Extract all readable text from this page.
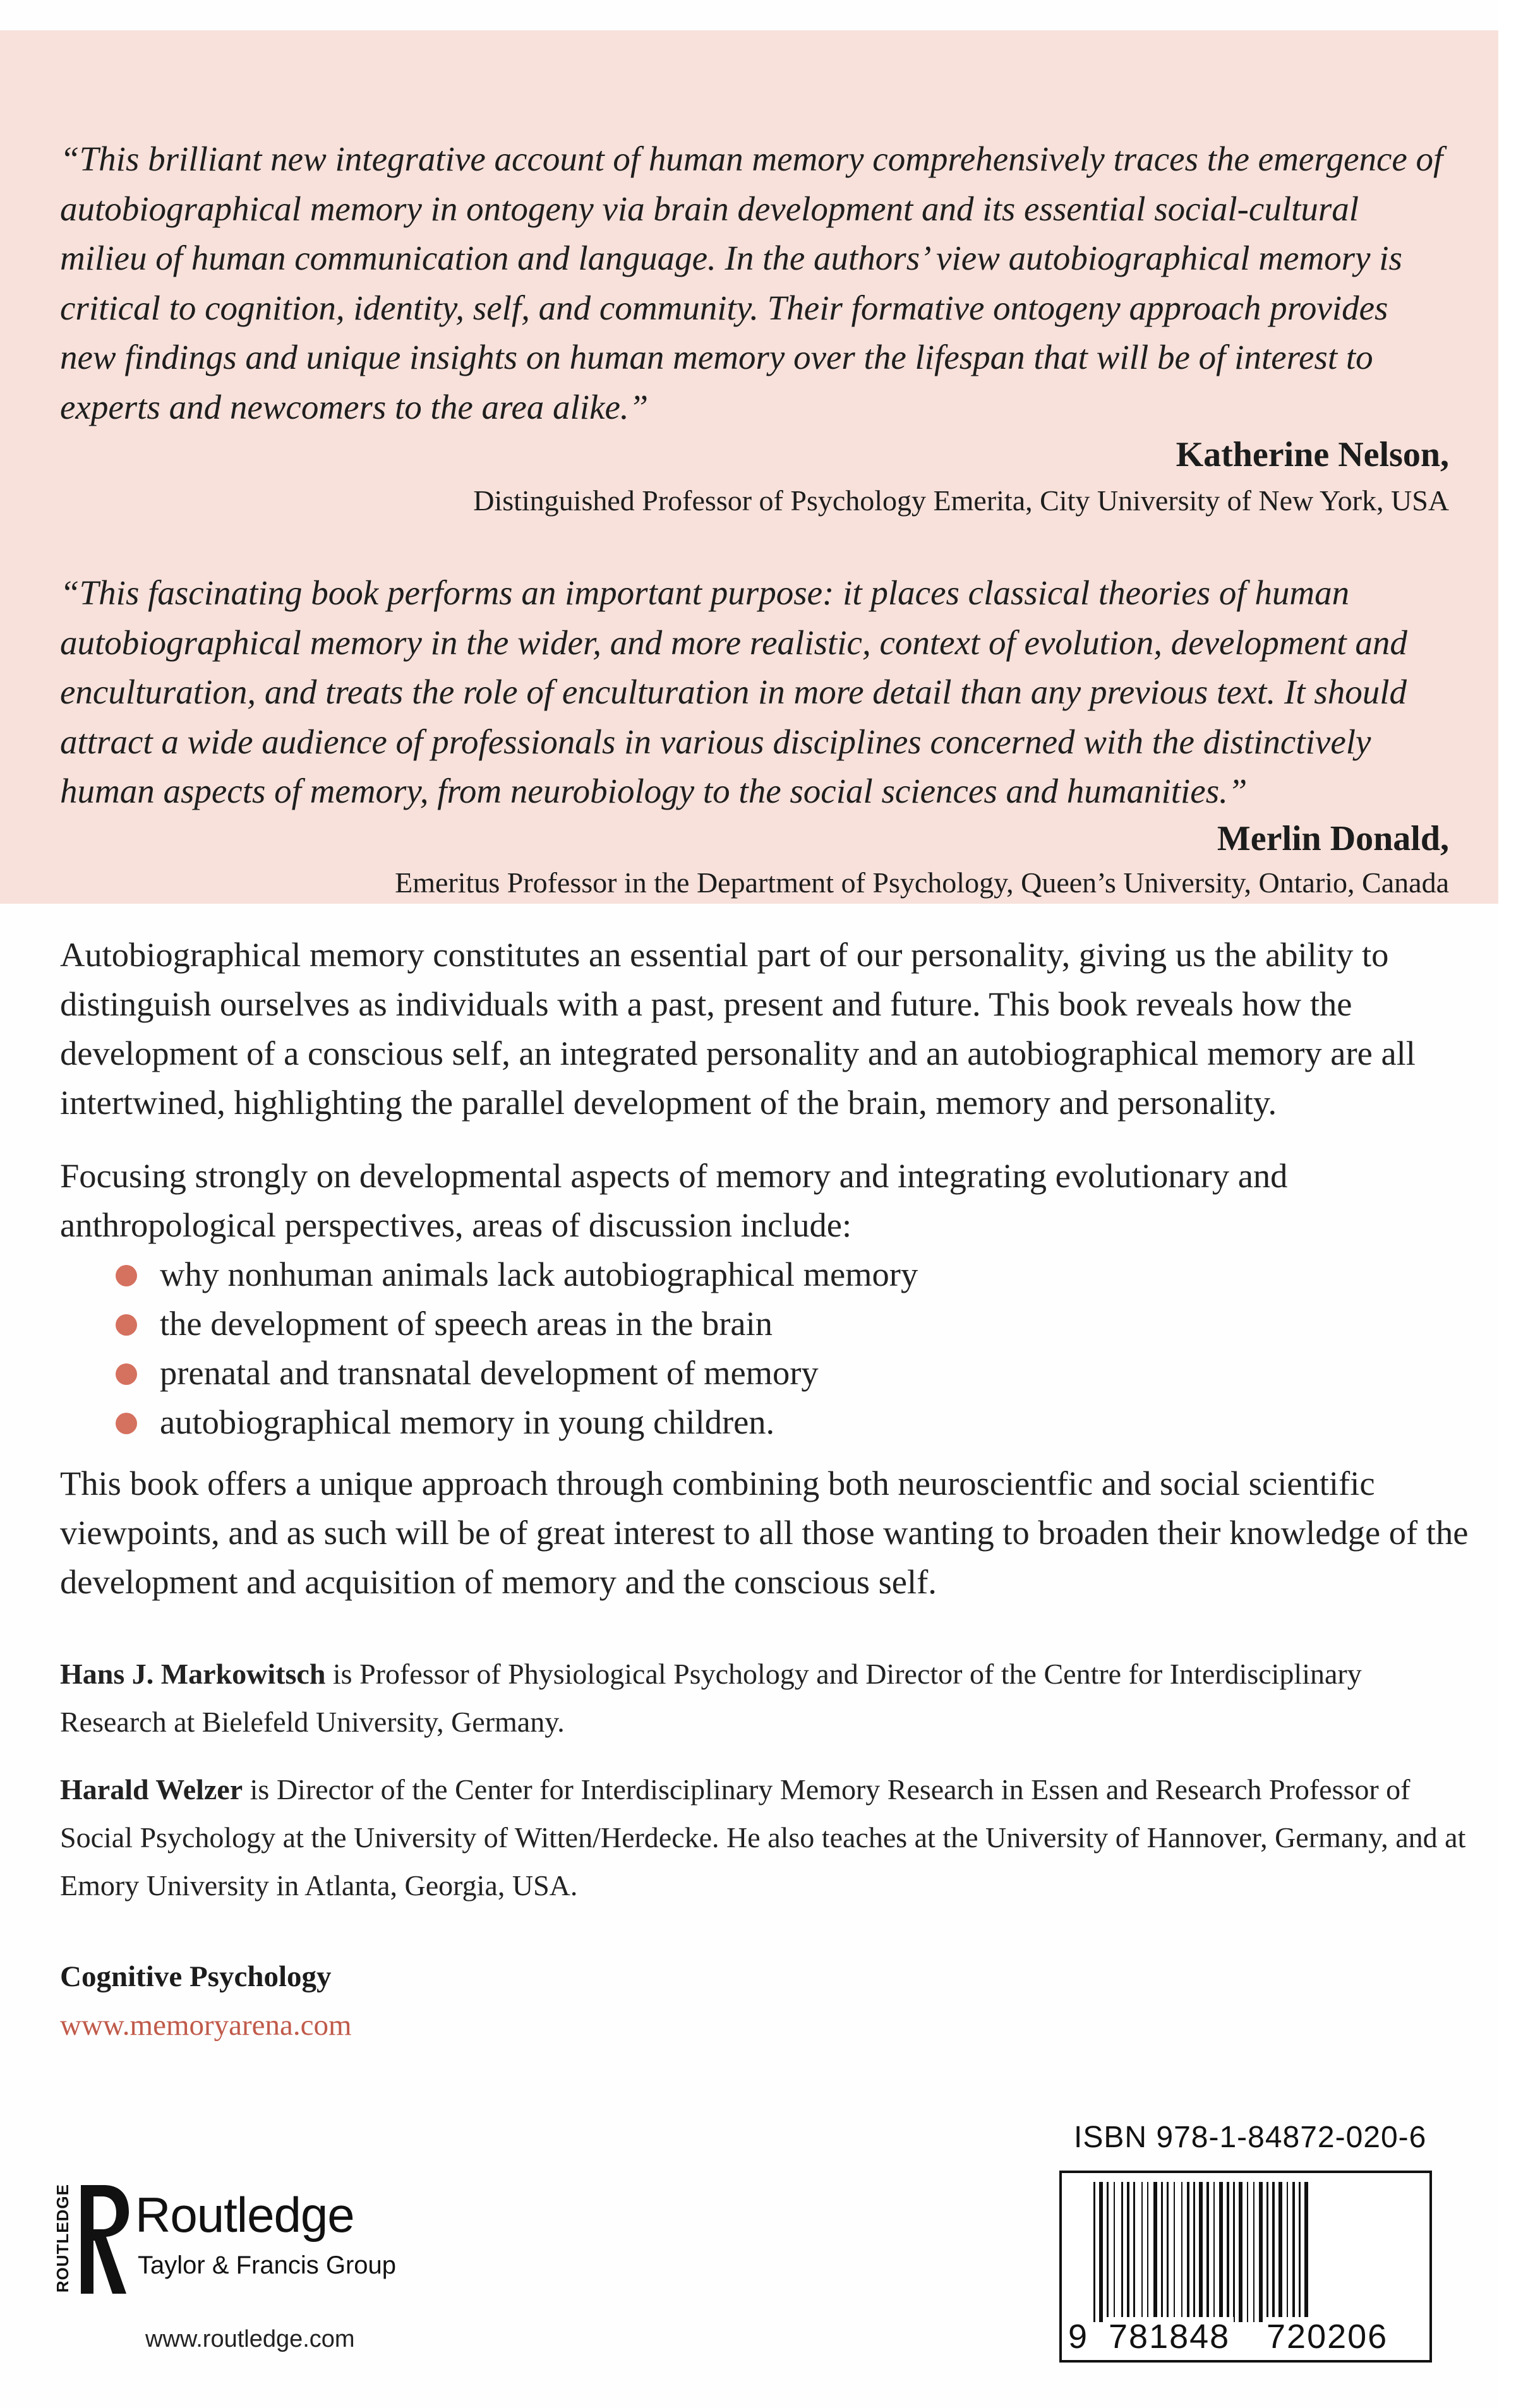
“This brilliant new integrative account of human memory comprehensively traces the emergence of autobiographical memory in ontogeny via brain development and its essential social-cultural milieu of human communication and language. In the authors’ view autobiographical memory is critical to cognition, identity, self, and community. Their formative ontogeny approach provides new findings and unique insights on human memory over the lifespan that will be of interest to experts and newcomers to the area alike.”

Katherine Nelson,

Distinguished Professor of Psychology Emerita, City University of New York, USA

“This fascinating book performs an important purpose: it places classical theories of human autobiographical memory in the wider, and more realistic, context of evolution, development and enculturation, and treats the role of enculturation in more detail than any previous text. It should attract a wide audience of professionals in various disciplines concerned with the distinctively human aspects of memory, from neurobiology to the social sciences and humanities.”

Merlin Donald,

Emeritus Professor in the Department of Psychology, Queen’s University, Ontario, Canada

Autobiographical memory constitutes an essential part of our personality, giving us the ability to distinguish ourselves as individuals with a past, present and future. This book reveals how the development of a conscious self, an integrated personality and an autobiographical memory are all intertwined, highlighting the parallel development of the brain, memory and personality.

Focusing strongly on developmental aspects of memory and integrating evolutionary and anthropological perspectives, areas of discussion include:

why nonhuman animals lack autobiographical memory
the development of speech areas in the brain
prenatal and transnatal development of memory
autobiographical memory in young children.

This book offers a unique approach through combining both neuroscientfic and social scientific viewpoints, and as such will be of great interest to all those wanting to broaden their knowledge of the development and acquisition of memory and the conscious self.

Hans J. Markowitsch is Professor of Physiological Psychology and Director of the Centre for Interdisciplinary Research at Bielefeld University, Germany.

Harald Welzer is Director of the Center for Interdisciplinary Memory Research in Essen and Research Professor of Social Psychology at the University of Witten/Herdecke. He also teaches at the University of Hannover, Germany, and at Emory University in Atlanta, Georgia, USA.

Cognitive Psychology

www.memoryarena.com

ROUTLEDGE Routledge

Taylor & Francis Group

www.routledge.com

ISBN 978-1-84872-020-6

9 781848 720206
